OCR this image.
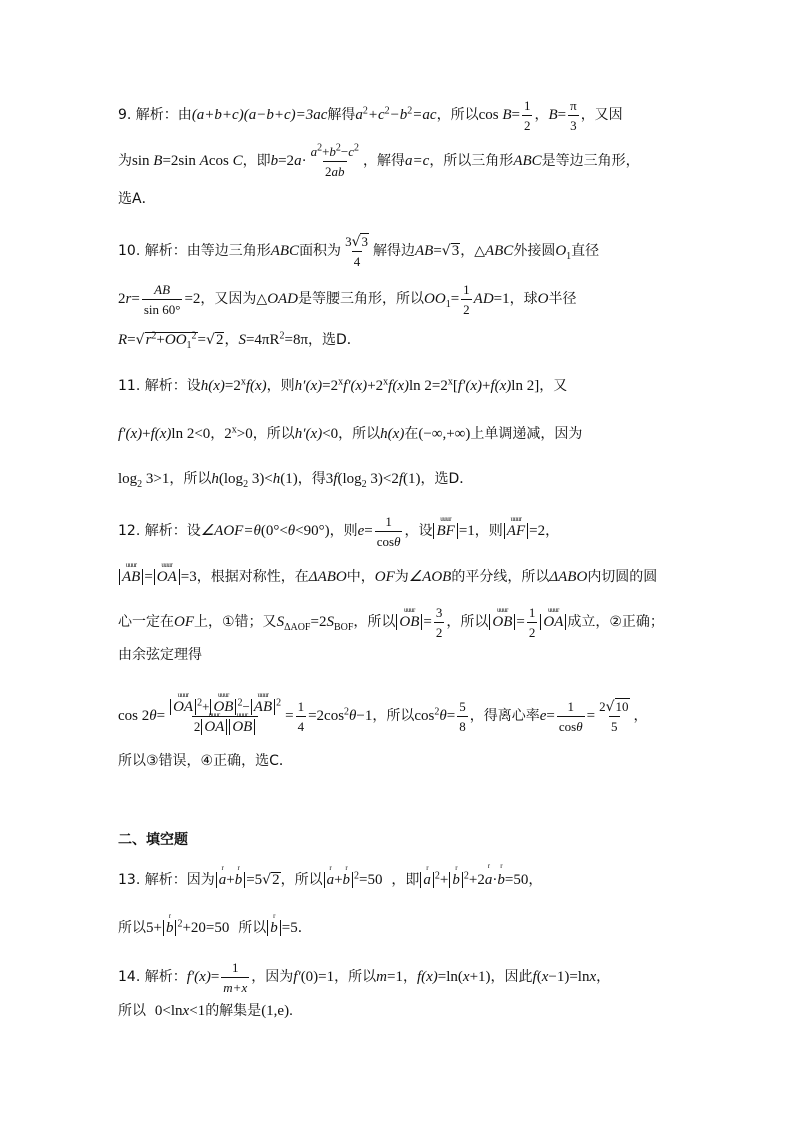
9. 解析：由(a+b+c)(a−b+c)=3ac解得$a^2+c^2-b^2=ac$，所以$\cos B= \frac{1}{2}$ ，$B= \frac{\pi}{3}$ ，又因
为sin B=2sin Acos C，即$b=2a\cdot \frac{a^2+b^2-c^2}{2ab}$ ，解得a=c，所以三角形ABC是等边三角形，
选A．
10. 解析：由等边三角形ABC面积为 3
√ 3
4 解得边AB=
√ 3 ，△ABC外接圆$O_1$直径
$2r= \frac{AB}{\sin 60^\circ} =2$，又因为△OAD是等腰三角形，所以$OO_1= \frac{1}{2} AD=1$，球O半径
R=
√ $r^2+OO_1^2$ =
√ 2 ，$S=4\pi R^2=8\pi$，选D．
11. 解析：设$h(x)=2^xf(x)$，则$h'(x)=2^xf'(x)+2^xf(x)\ln$ $2=2^x[f'(x)+f(x)\ln$ 2]，又
f′(x)+f(x)ln 2<0，$2^x>0$，所以h′(x)<0，所以h(x)在(−∞,+∞)上单调递减，因为
$\log_2 3>1$，所以$h(\log_2$ 3)<h(1)，得$3f(\log_2$ 3)<2f(1)，选D．
12. 解析：设∠AOF=θ(0°<θ<90°)，则$e= \frac{1}{\cos\theta}$ ，设
uuur
BF =1，则
uuur
AF =2，
uuur
AB =
uuur
OA =3，根据对称性，在ΔABO中，OF为∠AOB的平分线，所以ΔABO内切圆的圆
心一定在OF上，①错；又$S_{\Delta AOF}=2S_{BOF}$，所以
uuur
OB = $\frac{3}{2}$ ，所以
uuur
OB = $\frac{1}{2}$	uuur
OA 成立，②正确；
由余弦定理得
cos 2θ= uuur
OA $^2$+
uuur
OB $^2$−
uuur
AB $^2$
2
uuur
OA
uuur
OB = $\frac{1}{4} =2\cos^2\theta-1$，所以$\cos^2\theta= \frac{5}{8}$ ，得离心率$e= \frac{1}{\cos\theta} = 2$
√ 10
5 ，
所以③错误，④正确，选C．
二、填空题
13. 解析：因为
r
a+
r
b =5
√ 2 ，所以
r
a+
r
b $^2$=50  ，即
r
a $^2$+
r
b $^2$+2
r
a·
r
b=50，
所以5+
r
b $^2$+20=50  所以
r
b =5．
14. 解析：$f'(x)= \frac{1}{m+x}$ ，因为f′(0)=1，所以m=1，f(x)=ln(x+1)，因此f(x−1)=lnx，
所以  0<lnx<1的解集是(1,e).
